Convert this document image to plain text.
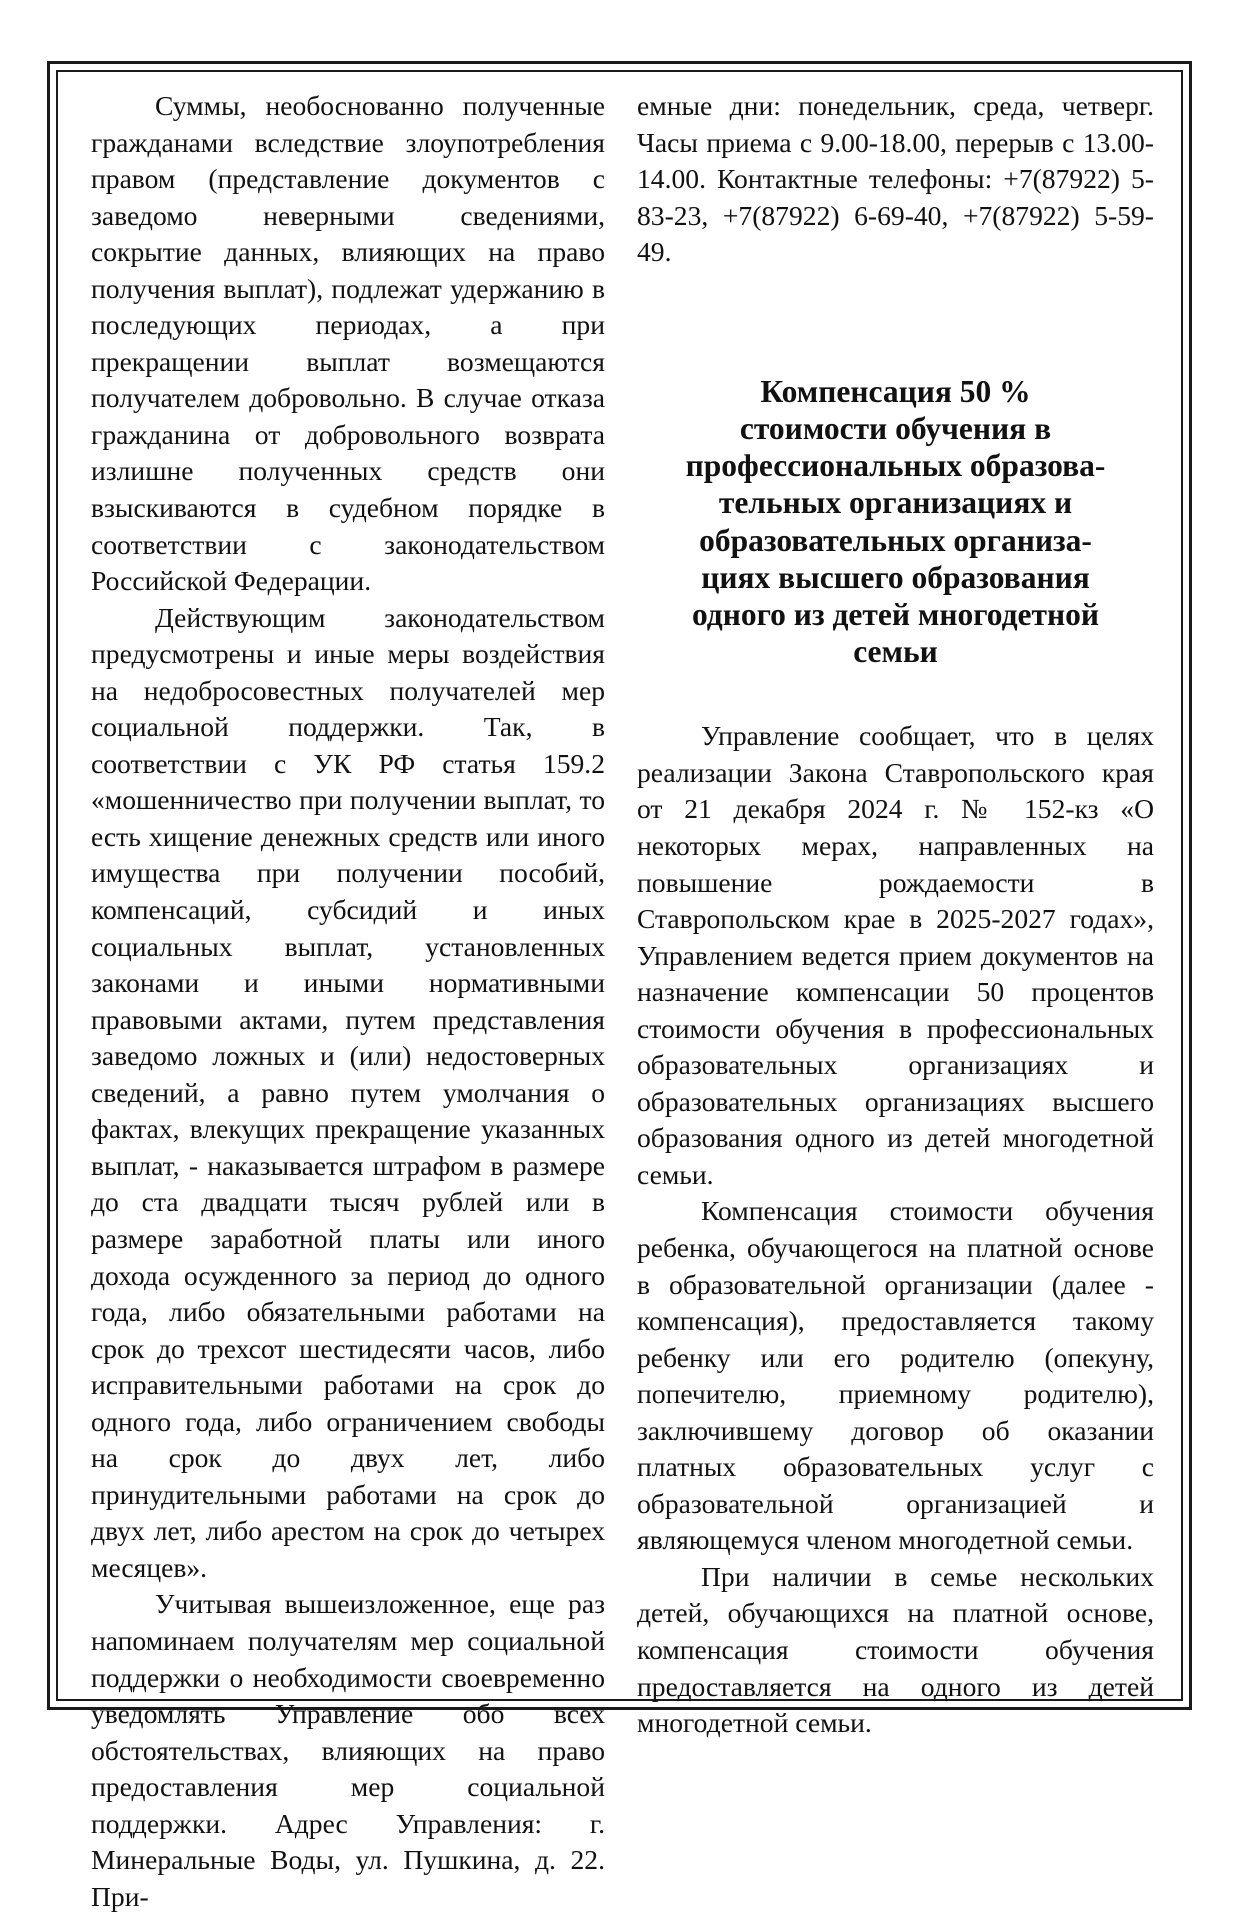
Суммы, необоснованно полученные гражданами вследствие злоупотребления правом (представление документов с заведомо неверными сведениями, сокрытие данных, влияющих на право получения выплат), подлежат удержанию в последующих периодах, а при прекращении выплат возмещаются получателем добровольно. В случае отказа гражданина от добровольного возврата излишне полученных средств они взыскиваются в судебном порядке в соответствии с законодательством Российской Федерации.

Действующим законодательством предусмотрены и иные меры воздействия на недобросовестных получателей мер социальной поддержки. Так, в соответствии с УК РФ статья 159.2 «мошенничество при получении выплат, то есть хищение денежных средств или иного имущества при получении пособий, компенсаций, субсидий и иных социальных выплат, установленных законами и иными нормативными правовыми актами, путем представления заведомо ложных и (или) недостоверных сведений, а равно путем умолчания о фактах, влекущих прекращение указанных выплат, - наказывается штрафом в размере до ста двадцати тысяч рублей или в размере заработной платы или иного дохода осужденного за период до одного года, либо обязательными работами на срок до трехсот шестидесяти часов, либо исправительными работами на срок до одного года, либо ограничением свободы на срок до двух лет, либо принудительными работами на срок до двух лет, либо арестом на срок до четырех месяцев».

Учитывая вышеизложенное, еще раз напоминаем получателям мер социальной поддержки о необходимости своевременно уведомлять Управление обо всех обстоятельствах, влияющих на право предоставления мер социальной поддержки. Адрес Управления: г. Минеральные Воды, ул. Пушкина, д. 22. При-

емные дни: понедельник, среда, четверг. Часы приема с 9.00-18.00, перерыв с 13.00-14.00. Контактные телефоны: +7(87922) 5-83-23, +7(87922) 6-69-40, +7(87922) 5-59-49.

Компенсация 50 %
стоимости обучения в
профессиональных образова-
тельных организациях и
образовательных организа-
циях высшего образования
одного из детей многодетной
семьи

Управление сообщает, что в целях реализации Закона Ставропольского края от 21 декабря 2024 г. № 152-кз «О некоторых мерах, направленных на повышение рождаемости в Ставропольском крае в 2025-2027 годах», Управлением ведется прием документов на назначение компенсации 50 процентов стоимости обучения в профессиональных образовательных организациях и образовательных организациях высшего образования одного из детей многодетной семьи.

Компенсация стоимости обучения ребенка, обучающегося на платной основе в образовательной организации (далее - компенсация), предоставляется такому ребенку или его родителю (опекуну, попечителю, приемному родителю), заключившему договор об оказании платных образовательных услуг с образовательной организацией и являющемуся членом многодетной семьи.

При наличии в семье нескольких детей, обучающихся на платной основе, компенсация стоимости обучения предоставляется на одного из детей многодетной семьи.
